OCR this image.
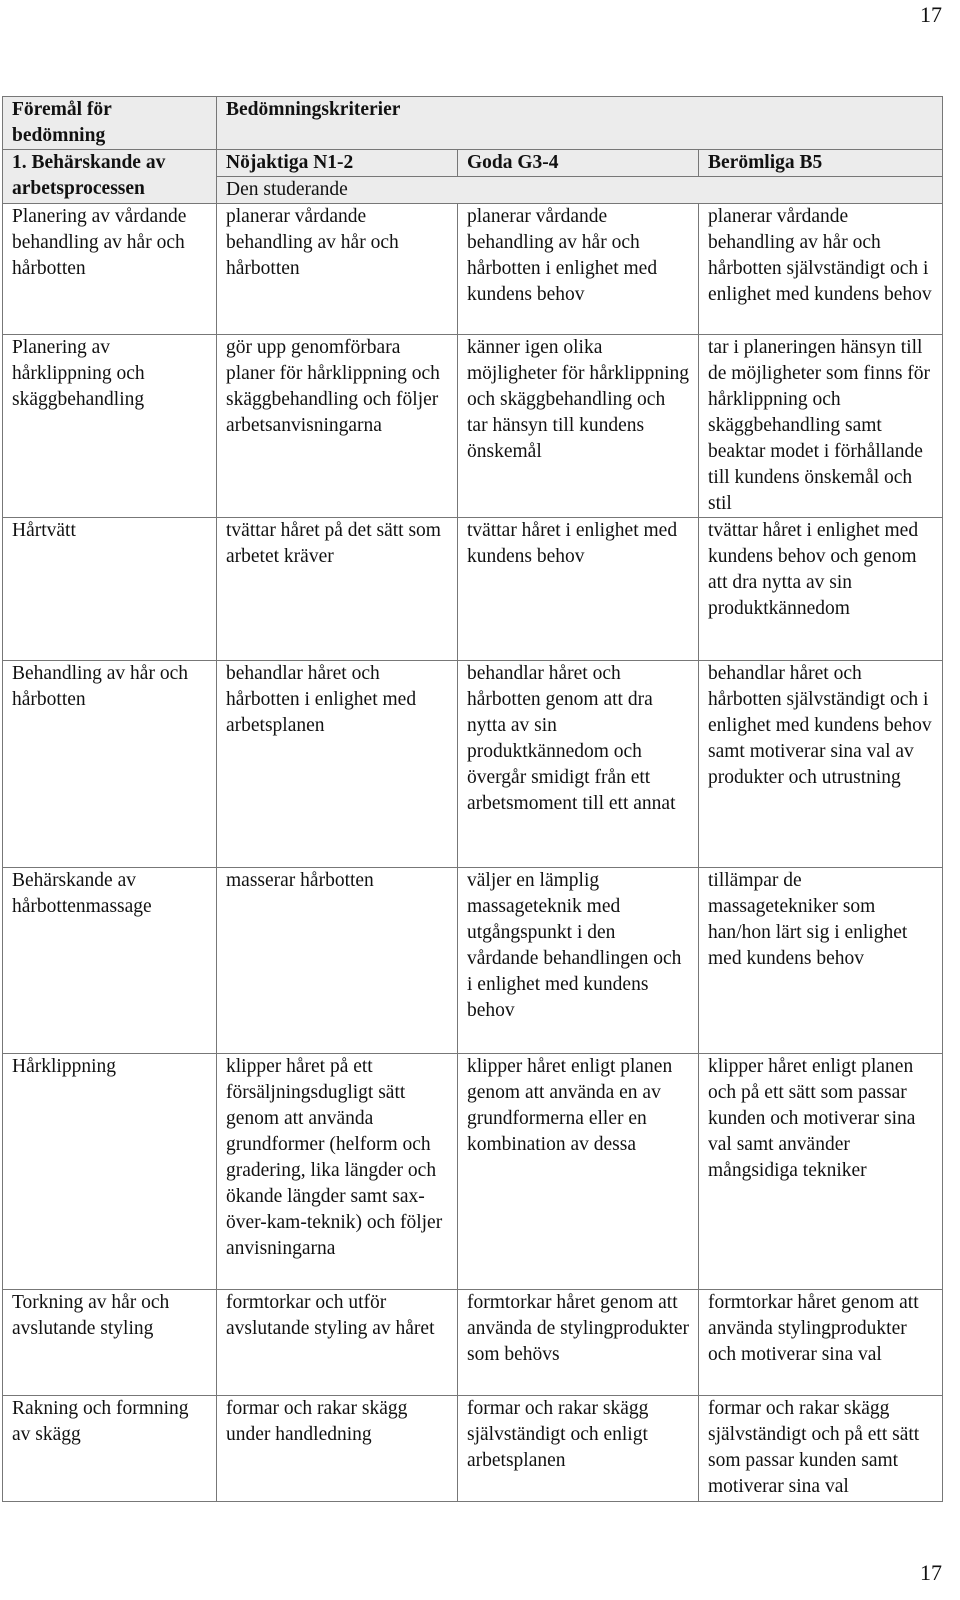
17
Föremål för bedömning	Bedömningskriterier		
1. Behärskande av arbetsprocessen	Nöjaktiga N1-2	Goda G3-4	Berömliga B5
	Den studerande		
Planering av vårdande behandling av hår och hårbotten	planerar vårdande behandling av hår och hårbotten	planerar vårdande behandling av hår och hårbotten i enlighet med kundens behov	planerar vårdande behandling av hår och hårbotten självständigt och i enlighet med kundens behov
Planering av hårklippning och skäggbehandling	gör upp genomförbara planer för hårklippning och skäggbehandling och följer arbetsanvisningarna	känner igen olika möjligheter för hårklippning och skäggbehandling och tar hänsyn till kundens önskemål	tar i planeringen hänsyn till de möjligheter som finns för hårklippning och skäggbehandling samt beaktar modet i förhållande till kundens önskemål och stil
Hårtvätt	tvättar håret på det sätt som arbetet kräver	tvättar håret i enlighet med kundens behov	tvättar håret i enlighet med kundens behov och genom att dra nytta av sin produktkännedom
Behandling av hår och hårbotten	behandlar håret och hårbotten i enlighet med arbetsplanen	behandlar håret och hårbotten genom att dra nytta av sin produktkännedom och övergår smidigt från ett arbetsmoment till ett annat	behandlar håret och hårbotten självständigt och i enlighet med kundens behov samt motiverar sina val av produkter och utrustning
Behärskande av hårbottenmassage	masserar hårbotten	väljer en lämplig massageteknik med utgångspunkt i den vårdande behandlingen och i enlighet med kundens behov	tillämpar de massagetekniker som han/hon lärt sig i enlighet med kundens behov
Hårklippning	klipper håret på ett försäljningsdugligt sätt genom att använda grundformer (helform och gradering, lika längder och ökande längder samt sax-över-kam-teknik) och följer anvisningarna	klipper håret enligt planen genom att använda en av grundformerna eller en kombination av dessa	klipper håret enligt planen och på ett sätt som passar kunden och motiverar sina val samt använder mångsidiga tekniker
Torkning av hår och avslutande styling	formtorkar och utför avslutande styling av håret	formtorkar håret genom att använda de stylingprodukter som behövs	formtorkar håret genom att använda stylingprodukter och motiverar sina val
Rakning och formning av skägg	formar och rakar skägg under handledning	formar och rakar skägg självständigt och enligt arbetsplanen	formar och rakar skägg självständigt och på ett sätt som passar kunden samt motiverar sina val
17
